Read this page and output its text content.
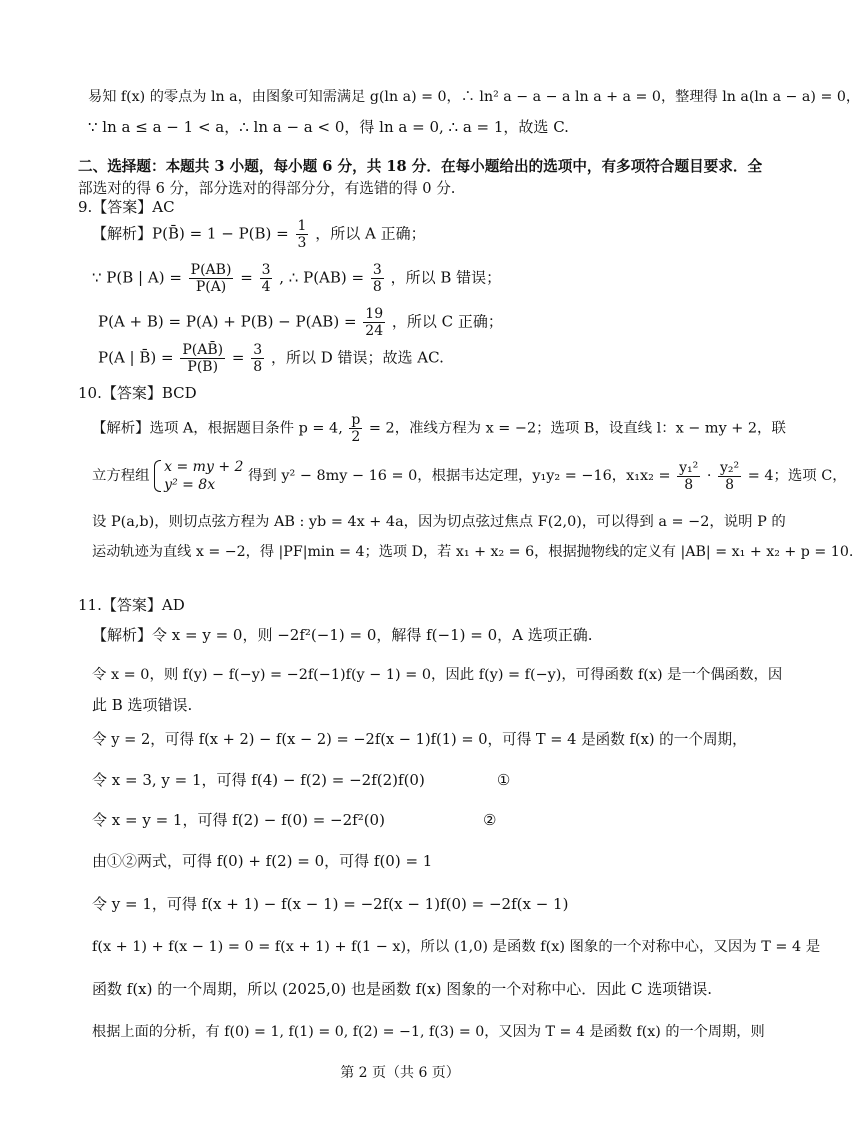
易知 f(x) 的零点为 ln a，由图象可知需满足 g(ln a) = 0，∴ ln² a − a − a ln a + a = 0，整理得 ln a(ln a − a) = 0，
∵ ln a ≤ a − 1 < a，∴ ln a − a < 0，得 ln a = 0, ∴ a = 1，故选 C.
二、选择题：本题共 3 小题，每小题 6 分，共 18 分．在每小题给出的选项中，有多项符合题目要求．全
部选对的得 6 分，部分选对的得部分分，有选错的得 0 分.
9.【答案】AC
【解析】P(B̄) = $1 - P(B) = \frac{1}{3}$ ，所以 A 正确；
∵ P(B | $A) = \frac{P(AB)}{P(A)} = \frac{3}{4}$ , ∴ $P(AB) = \frac{3}{8}$ ，所以 B 错误；
$P(A + B) = P(A) + P(B) - P(AB) = \frac{19}{24}$ ，所以 C 正确；
P(A | B̄) = $\frac{P(AB̄)}{P(B̄)} = \frac{3}{8}$ ，所以 D 错误；故选 AC.
10.【答案】BCD
【解析】选项 A，根据题目条件 p = 4, $\frac{p}{2} = 2$，准线方程为 x = −2；选项 B，设直线 l：x − my + 2，联
立方程组
x = my + 2
y² = 8x
得到 y² − 8my − 16 = 0，根据韦达定理，y₁y₂ = −16，$x_1x_2 = \frac{\text{y₁²}}{8} \cdot \frac{\text{y₂²}}{8} = 4$；选项 C，
设 P(a,b)，则切点弦方程为 AB : yb = 4x + 4a，因为切点弦过焦点 F(2,0)，可以得到 a = −2，说明 P 的
运动轨迹为直线 x = −2，得 |PF|min = 4；选项 D，若 x₁ + x₂ = 6，根据抛物线的定义有 |AB| = x₁ + x₂ + p = 10.
11.【答案】AD
【解析】令 x = y = 0，则 −2f²(−1) = 0，解得 f(−1) = 0，A 选项正确.
令 x = 0，则 f(y) − f(−y) = −2f(−1)f(y − 1) = 0，因此 f(y) = f(−y)，可得函数 f(x) 是一个偶函数，因
此 B 选项错误.
令 y = 2，可得 f(x + 2) − f(x − 2) = −2f(x − 1)f(1) = 0，可得 T = 4 是函数 f(x) 的一个周期，
令 x = 3, y = 1，可得 f(4) − f(2) = −2f(2)f(0)	①
令 x = y = 1，可得 f(2) − f(0) = −2f²(0)	②
由①②两式，可得 f(0) + f(2) = 0，可得 f(0) = 1
令 y = 1，可得 f(x + 1) − f(x − 1) = −2f(x − 1)f(0) = −2f(x − 1)
f(x + 1) + f(x − 1) = 0 = f(x + 1) + f(1 − x)，所以 (1,0) 是函数 f(x) 图象的一个对称中心，又因为 T = 4 是
函数 f(x) 的一个周期，所以 (2025,0) 也是函数 f(x) 图象的一个对称中心．因此 C 选项错误.
根据上面的分析，有 f(0) = 1, f(1) = 0, f(2) = −1, f(3) = 0，又因为 T = 4 是函数 f(x) 的一个周期，则
第 2 页（共 6 页）
